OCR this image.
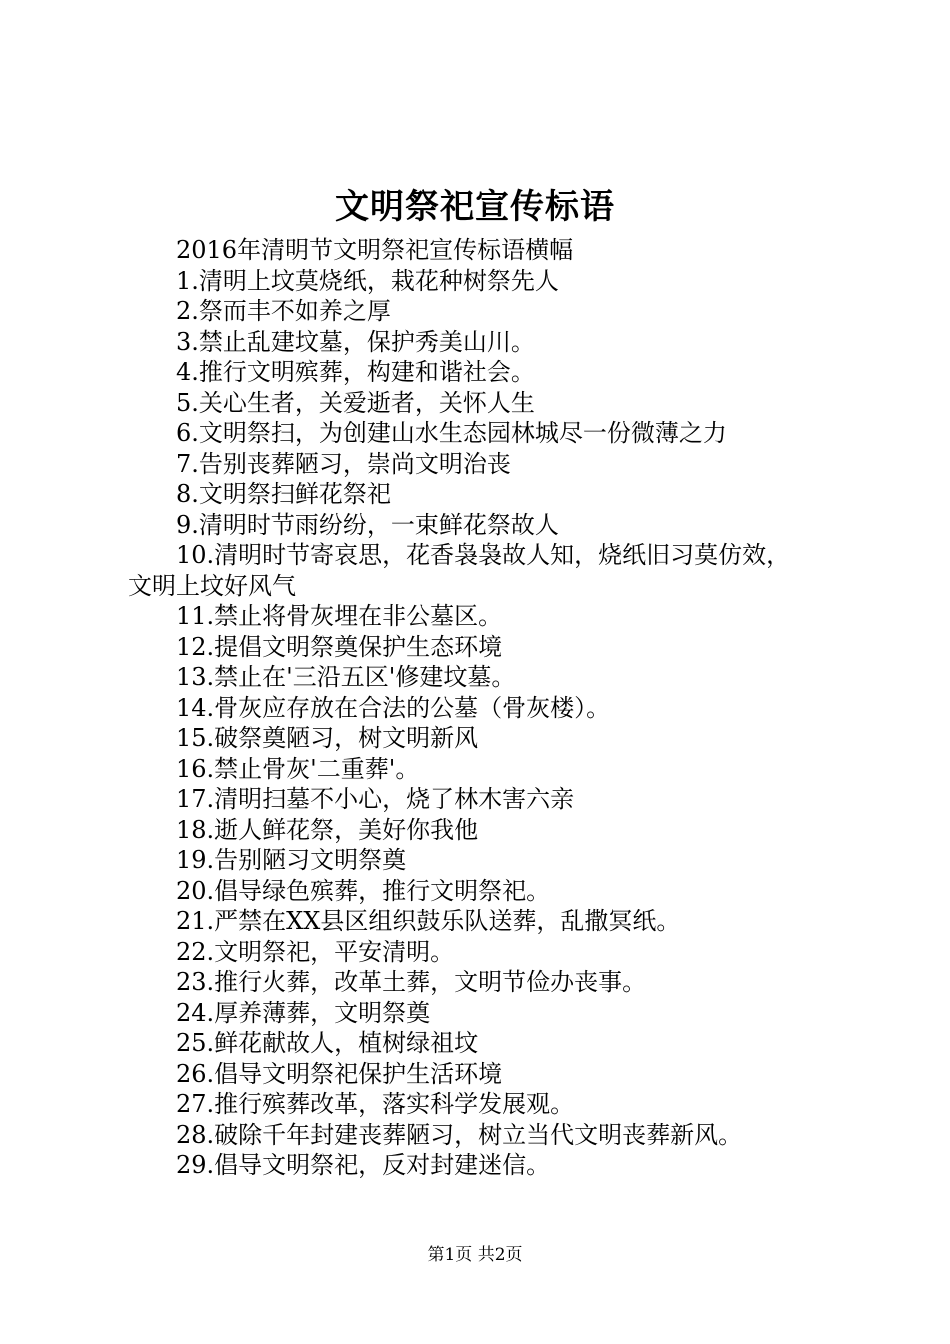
文明祭祀宣传标语
2016年清明节文明祭祀宣传标语横幅
1.清明上坟莫烧纸，栽花种树祭先人
2.祭而丰不如养之厚
3.禁止乱建坟墓，保护秀美山川。
4.推行文明殡葬，构建和谐社会。
5.关心生者，关爱逝者，关怀人生
6.文明祭扫，为创建山水生态园林城尽一份微薄之力
7.告别丧葬陋习，崇尚文明治丧
8.文明祭扫鲜花祭祀
9.清明时节雨纷纷，一束鲜花祭故人
10.清明时节寄哀思，花香袅袅故人知，烧纸旧习莫仿效，
文明上坟好风气
11.禁止将骨灰埋在非公墓区。
12.提倡文明祭奠保护生态环境
13.禁止在'三沿五区'修建坟墓。
14.骨灰应存放在合法的公墓（骨灰楼）。
15.破祭奠陋习，树文明新风
16.禁止骨灰'二重葬'。
17.清明扫墓不小心，烧了林木害六亲
18.逝人鲜花祭，美好你我他
19.告别陋习文明祭奠
20.倡导绿色殡葬，推行文明祭祀。
21.严禁在XX县区组织鼓乐队送葬，乱撒冥纸。
22.文明祭祀，平安清明。
23.推行火葬，改革土葬，文明节俭办丧事。
24.厚养薄葬，文明祭奠
25.鲜花献故人，植树绿祖坟
26.倡导文明祭祀保护生活环境
27.推行殡葬改革，落实科学发展观。
28.破除千年封建丧葬陋习，树立当代文明丧葬新风。
29.倡导文明祭祀，反对封建迷信。
第1页 共2页
